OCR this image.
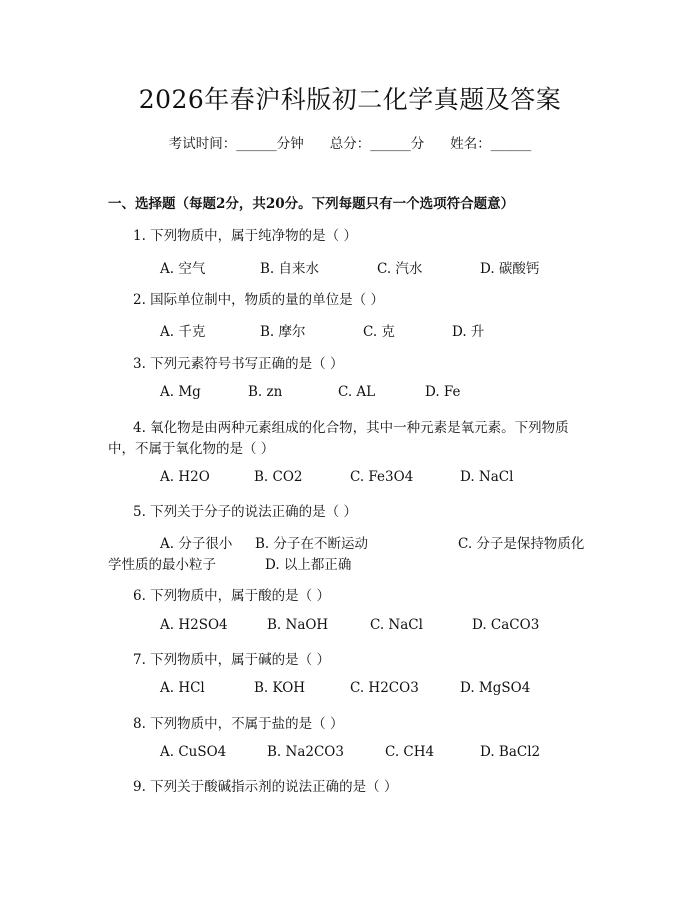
2026年春沪科版初二化学真题及答案
考试时间：______分钟 总分：______分 姓名：______
一、选择题（每题2分，共20分。下列每题只有一个选项符合题意）
1. 下列物质中，属于纯净物的是（ ）
A. 空气	B. 自来水	C. 汽水	D. 碳酸钙
2. 国际单位制中，物质的量的单位是（ ）
A. 千克	B. 摩尔	C. 克	D. 升
3. 下列元素符号书写正确的是（ ）
A. Mg	B. zn	C. AL	D. Fe
4. 氧化物是由两种元素组成的化合物，其中一种元素是氧元素。下列物质
中，不属于氧化物的是（ ）
A. H2O	B. CO2	C. Fe3O4	D. NaCl
5. 下列关于分子的说法正确的是（ ）
A. 分子很小 B. 分子在不断运动	C. 分子是保持物质化
学性质的最小粒子	D. 以上都正确
6. 下列物质中，属于酸的是（ ）
A. H2SO4	B. NaOH	C. NaCl	D. CaCO3
7. 下列物质中，属于碱的是（ ）
A. HCl	B. KOH	C. H2CO3	D. MgSO4
8. 下列物质中，不属于盐的是（ ）
A. CuSO4	B. Na2CO3	C. CH4	D. BaCl2
9. 下列关于酸碱指示剂的说法正确的是（ ）
